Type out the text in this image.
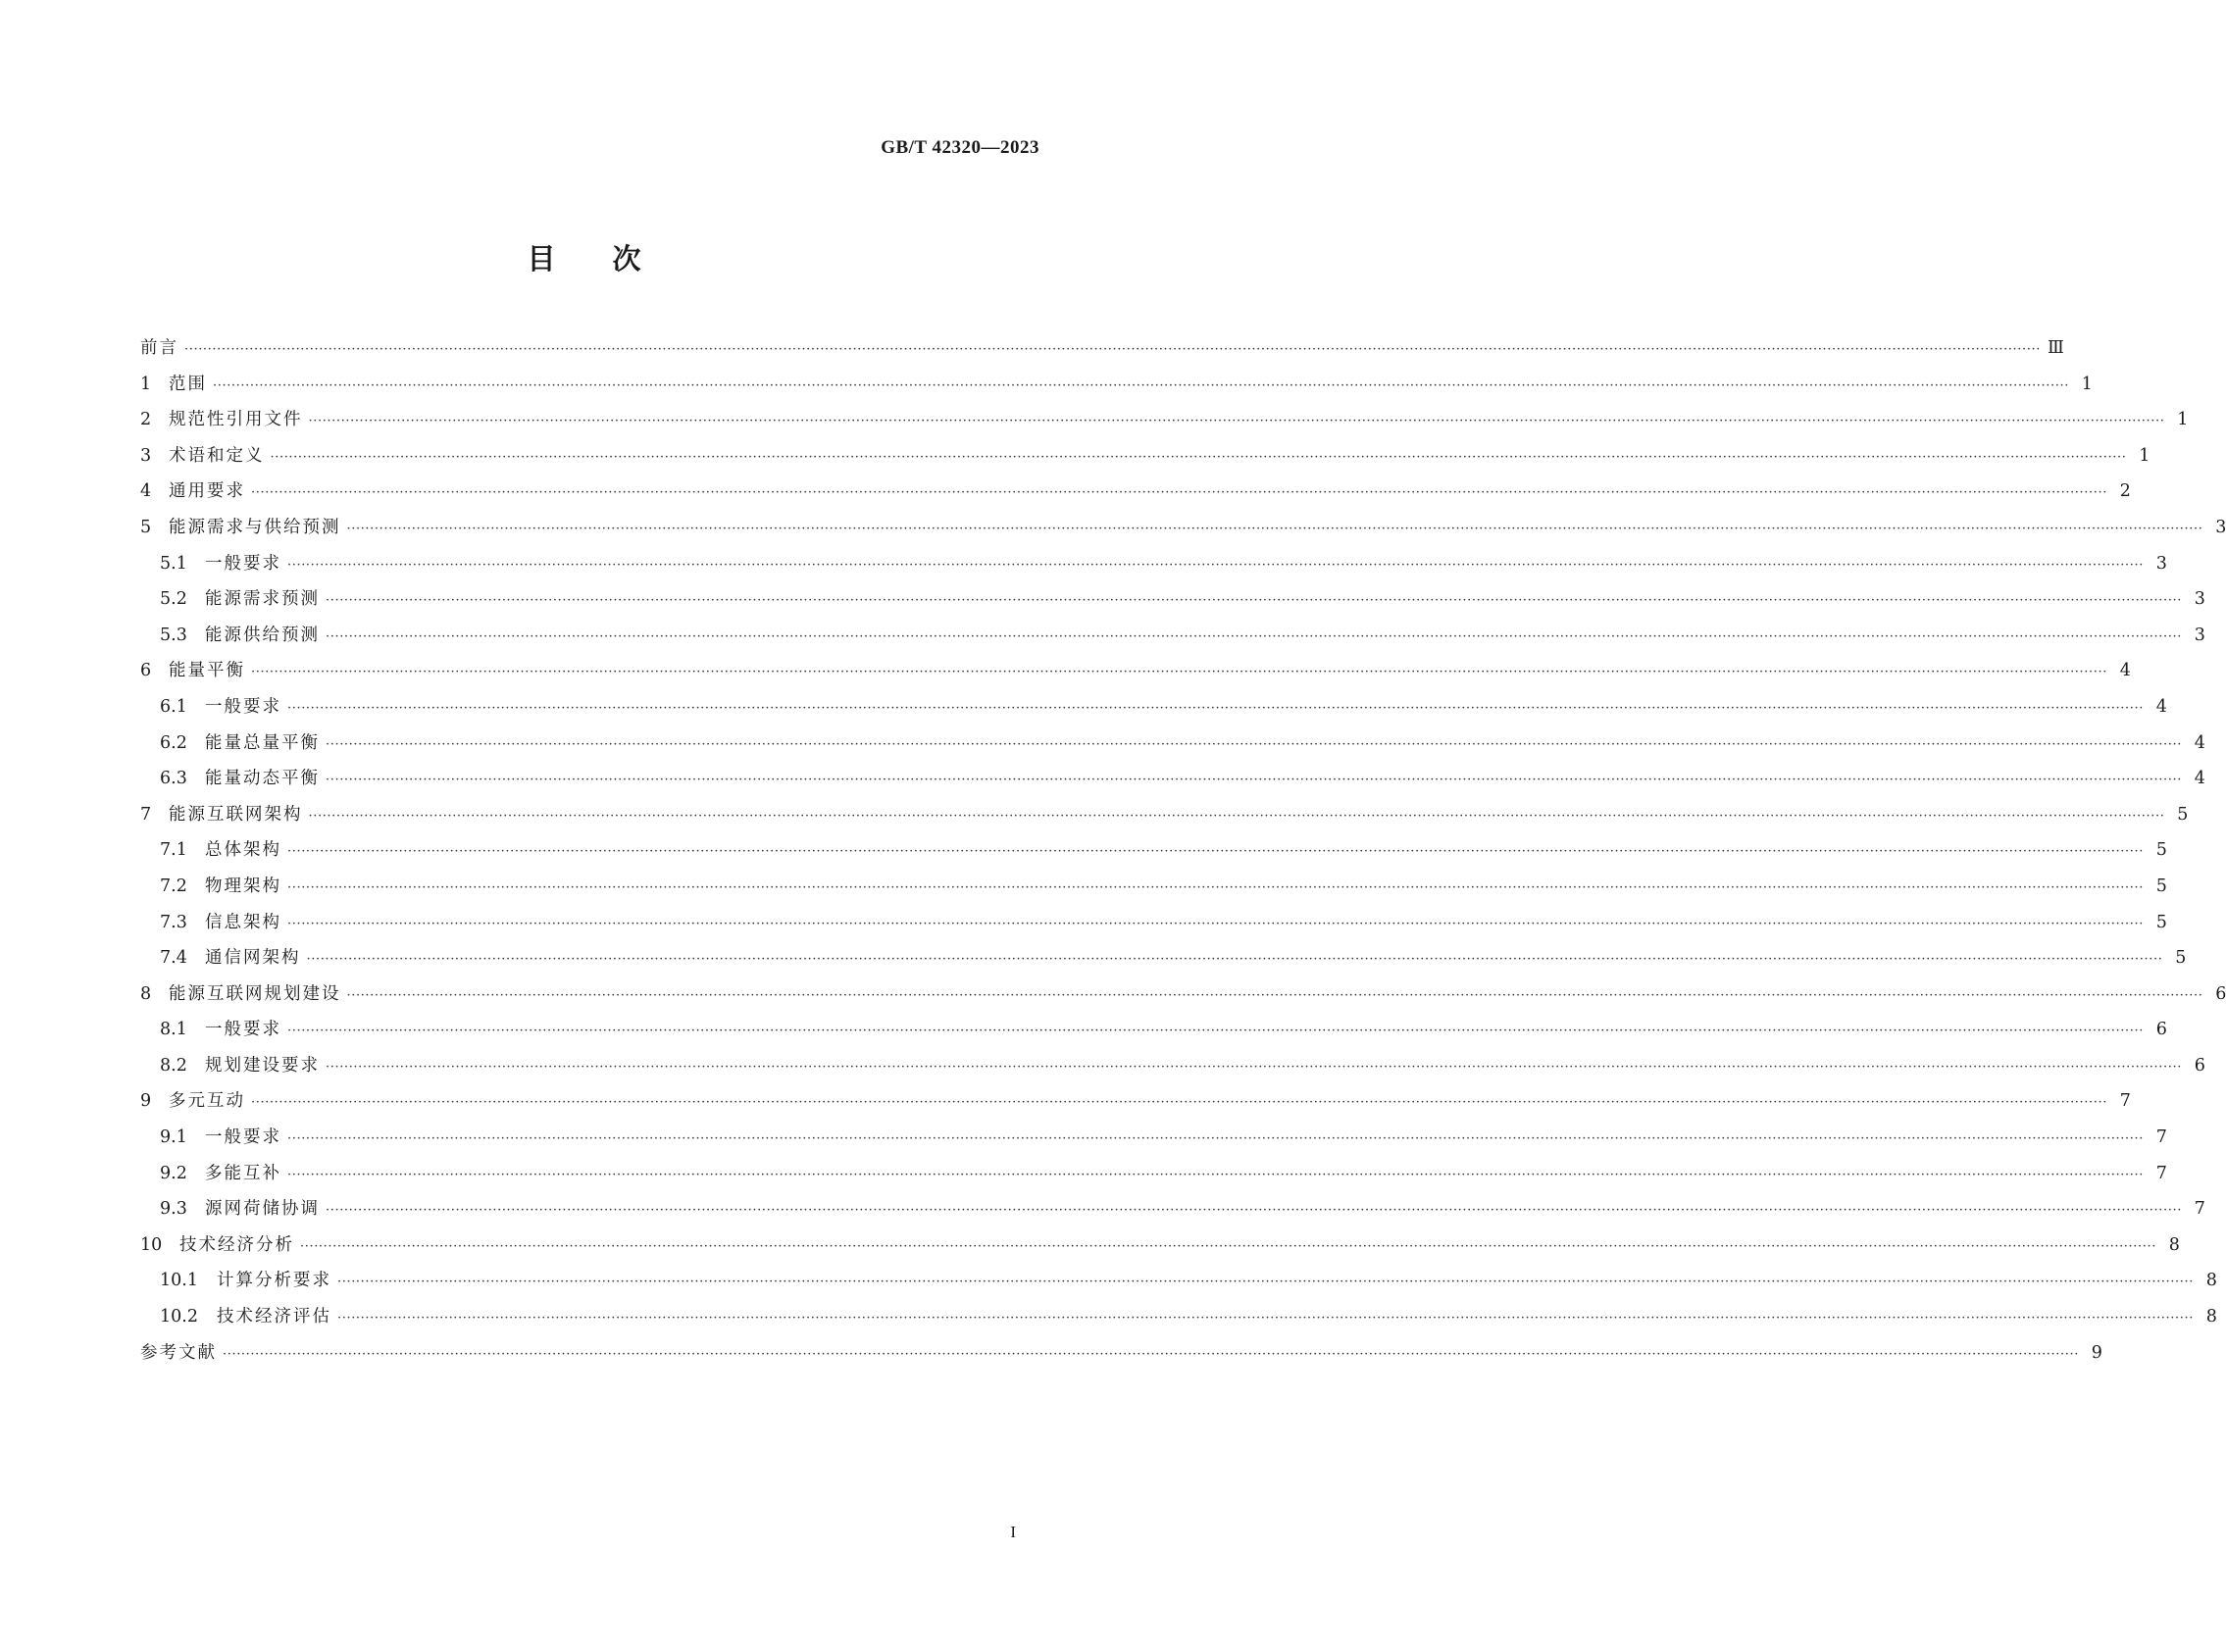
GB/T 42320—2023
目次
前言 ················································································································································································································································································································································································································ Ⅲ
1	范围 ················································································································································································································································································································································································································ 1
2	规范性引用文件 ················································································································································································································································································································································································································ 1
3	术语和定义 ················································································································································································································································································································································································································ 1
4	通用要求 ················································································································································································································································································································································································································ 2
5	能源需求与供给预测 ················································································································································································································································································································································································································ 3
5.1	一般要求 ················································································································································································································································································································································································································ 3
5.2	能源需求预测 ················································································································································································································································································································································································································ 3
5.3	能源供给预测 ················································································································································································································································································································································································································ 3
6	能量平衡 ················································································································································································································································································································································································································ 4
6.1	一般要求 ················································································································································································································································································································································································································ 4
6.2	能量总量平衡 ················································································································································································································································································································································································································ 4
6.3	能量动态平衡 ················································································································································································································································································································································································································ 4
7	能源互联网架构 ················································································································································································································································································································································································································ 5
7.1	总体架构 ················································································································································································································································································································································································································ 5
7.2	物理架构 ················································································································································································································································································································································································································ 5
7.3	信息架构 ················································································································································································································································································································································································································ 5
7.4	通信网架构 ················································································································································································································································································································································································································ 5
8	能源互联网规划建设 ················································································································································································································································································································································································································ 6
8.1	一般要求 ················································································································································································································································································································································································································ 6
8.2	规划建设要求 ················································································································································································································································································································································································································ 6
9	多元互动 ················································································································································································································································································································································································································ 7
9.1	一般要求 ················································································································································································································································································································································································································ 7
9.2	多能互补 ················································································································································································································································································································································································································ 7
9.3	源网荷储协调 ················································································································································································································································································································································································································ 7
10	技术经济分析 ················································································································································································································································································································································································································ 8
10.1	计算分析要求 ················································································································································································································································································································································································································ 8
10.2	技术经济评估 ················································································································································································································································································································································································································ 8
参考文献 ················································································································································································································································································································································································································ 9
I
